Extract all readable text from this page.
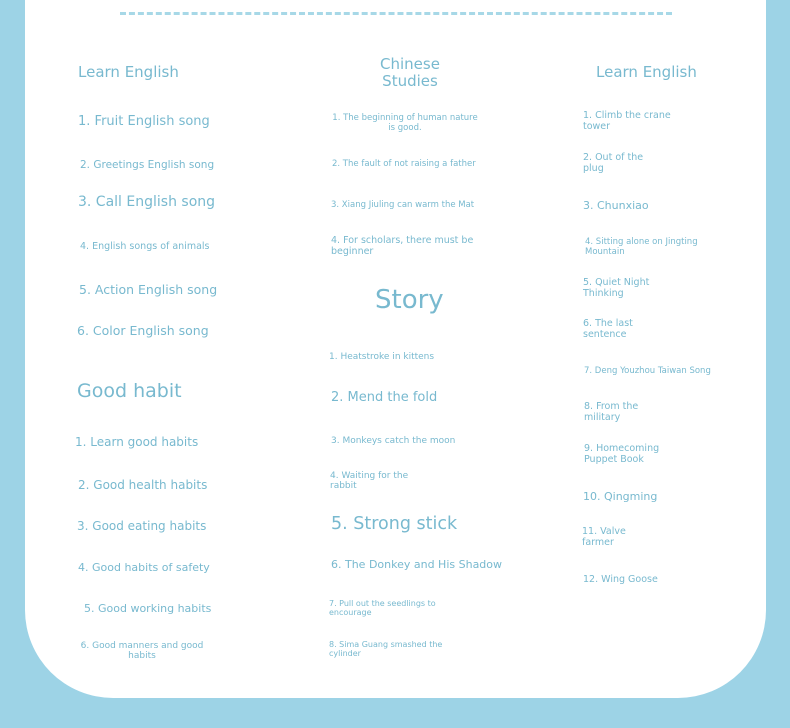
Learn English

1. Fruit English song

2. Greetings English song

3. Call English song

4. English songs of animals

5. Action English song

6. Color English song

Good habit

1. Learn good habits

2. Good health habits

3. Good eating habits

4. Good habits of safety

5. Good working habits

6. Good manners and good habits

Chinese Studies

1. The beginning of human nature is good.

2. The fault of not raising a father

3. Xiang Jiuling can warm the Mat

4. For scholars, there must be beginner

Story

1. Heatstroke in kittens

2. Mend the fold

3. Monkeys catch the moon

4. Waiting for the rabbit

5. Strong stick

6. The Donkey and His Shadow

7. Pull out the seedlings to encourage

8. Sima Guang smashed the cylinder

Learn English

1. Climb the crane tower

2. Out of the plug

3. Chunxiao

4. Sitting alone on Jingting Mountain

5. Quiet Night Thinking

6. The last sentence

7. Deng Youzhou Taiwan Song

8. From the military

9. Homecoming Puppet Book

10. Qingming

11. Valve farmer

12. Wing Goose
